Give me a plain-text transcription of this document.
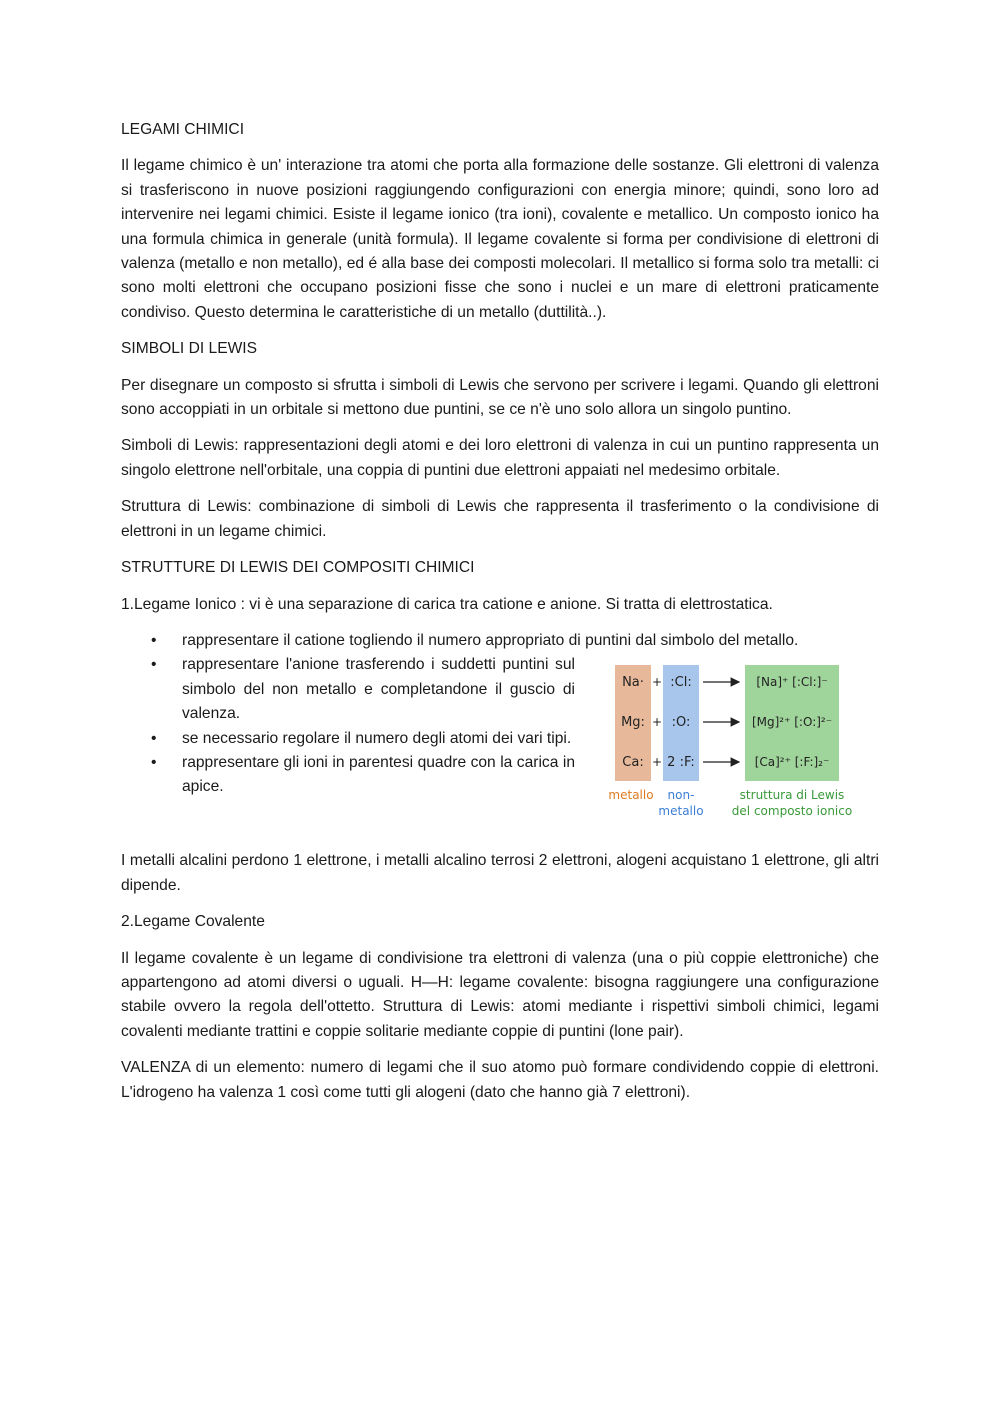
LEGAMI CHIMICI

Il legame chimico è un' interazione tra atomi che porta alla formazione delle sostanze. Gli elettroni di valenza si trasferiscono in nuove posizioni raggiungendo configurazioni con energia minore; quindi, sono loro ad intervenire nei legami chimici. Esiste il legame ionico (tra ioni), covalente e metallico. Un composto ionico ha una formula chimica in generale (unità formula). Il legame covalente si forma per condivisione di elettroni di valenza (metallo e non metallo), ed é alla base dei composti molecolari. Il metallico si forma solo tra metalli: ci sono molti elettroni che occupano posizioni fisse che sono i nuclei e un mare di elettroni praticamente condiviso. Questo determina le caratteristiche di un metallo (duttilità..).

SIMBOLI DI LEWIS

Per disegnare un composto si sfrutta i simboli di Lewis che servono per scrivere i legami. Quando gli elettroni sono accoppiati in un orbitale si mettono due puntini, se ce n'è uno solo allora un singolo puntino.

Simboli di Lewis: rappresentazioni degli atomi e dei loro elettroni di valenza in cui un puntino rappresenta un singolo elettrone nell'orbitale, una coppia di puntini due elettroni appaiati nel medesimo orbitale.

Struttura di Lewis: combinazione di simboli di Lewis che rappresenta il trasferimento o la condivisione di elettroni in un legame chimici.

STRUTTURE DI LEWIS DEI COMPOSITI CHIMICI

1.Legame Ionico : vi è una separazione di carica tra catione e anione. Si tratta di elettrostatica.

• rappresentare il catione togliendo il numero appropriato di puntini dal simbolo del metallo.
• rappresentare l'anione trasferendo i suddetti puntini sul simbolo del non metallo e completandone il guscio di valenza.
• se necessario regolare il numero degli atomi dei vari tipi.
• rappresentare gli ioni in parentesi quadre con la carica in apice.
Na· + :Cl:	[Na]⁺ [:Cl:]⁻
Mg: + :O:	[Mg]²⁺ [:O:]²⁻
Ca: + 2 :F:	[Ca]²⁺ [:F:]₂⁻
metallo non-
metallo
struttura di Lewis
del composto ionico

I metalli alcalini perdono 1 elettrone, i metalli alcalino terrosi 2 elettroni, alogeni acquistano 1 elettrone, gli altri dipende.

2.Legame Covalente

Il legame covalente è un legame di condivisione tra elettroni di valenza (una o più coppie elettroniche) che appartengono ad atomi diversi o uguali. H—H: legame covalente: bisogna raggiungere una configurazione stabile ovvero la regola dell'ottetto. Struttura di Lewis: atomi mediante i rispettivi simboli chimici, legami covalenti mediante trattini e coppie solitarie mediante coppie di puntini (lone pair).

VALENZA di un elemento: numero di legami che il suo atomo può formare condividendo coppie di elettroni. L'idrogeno ha valenza 1 così come tutti gli alogeni (dato che hanno già 7 elettroni).
